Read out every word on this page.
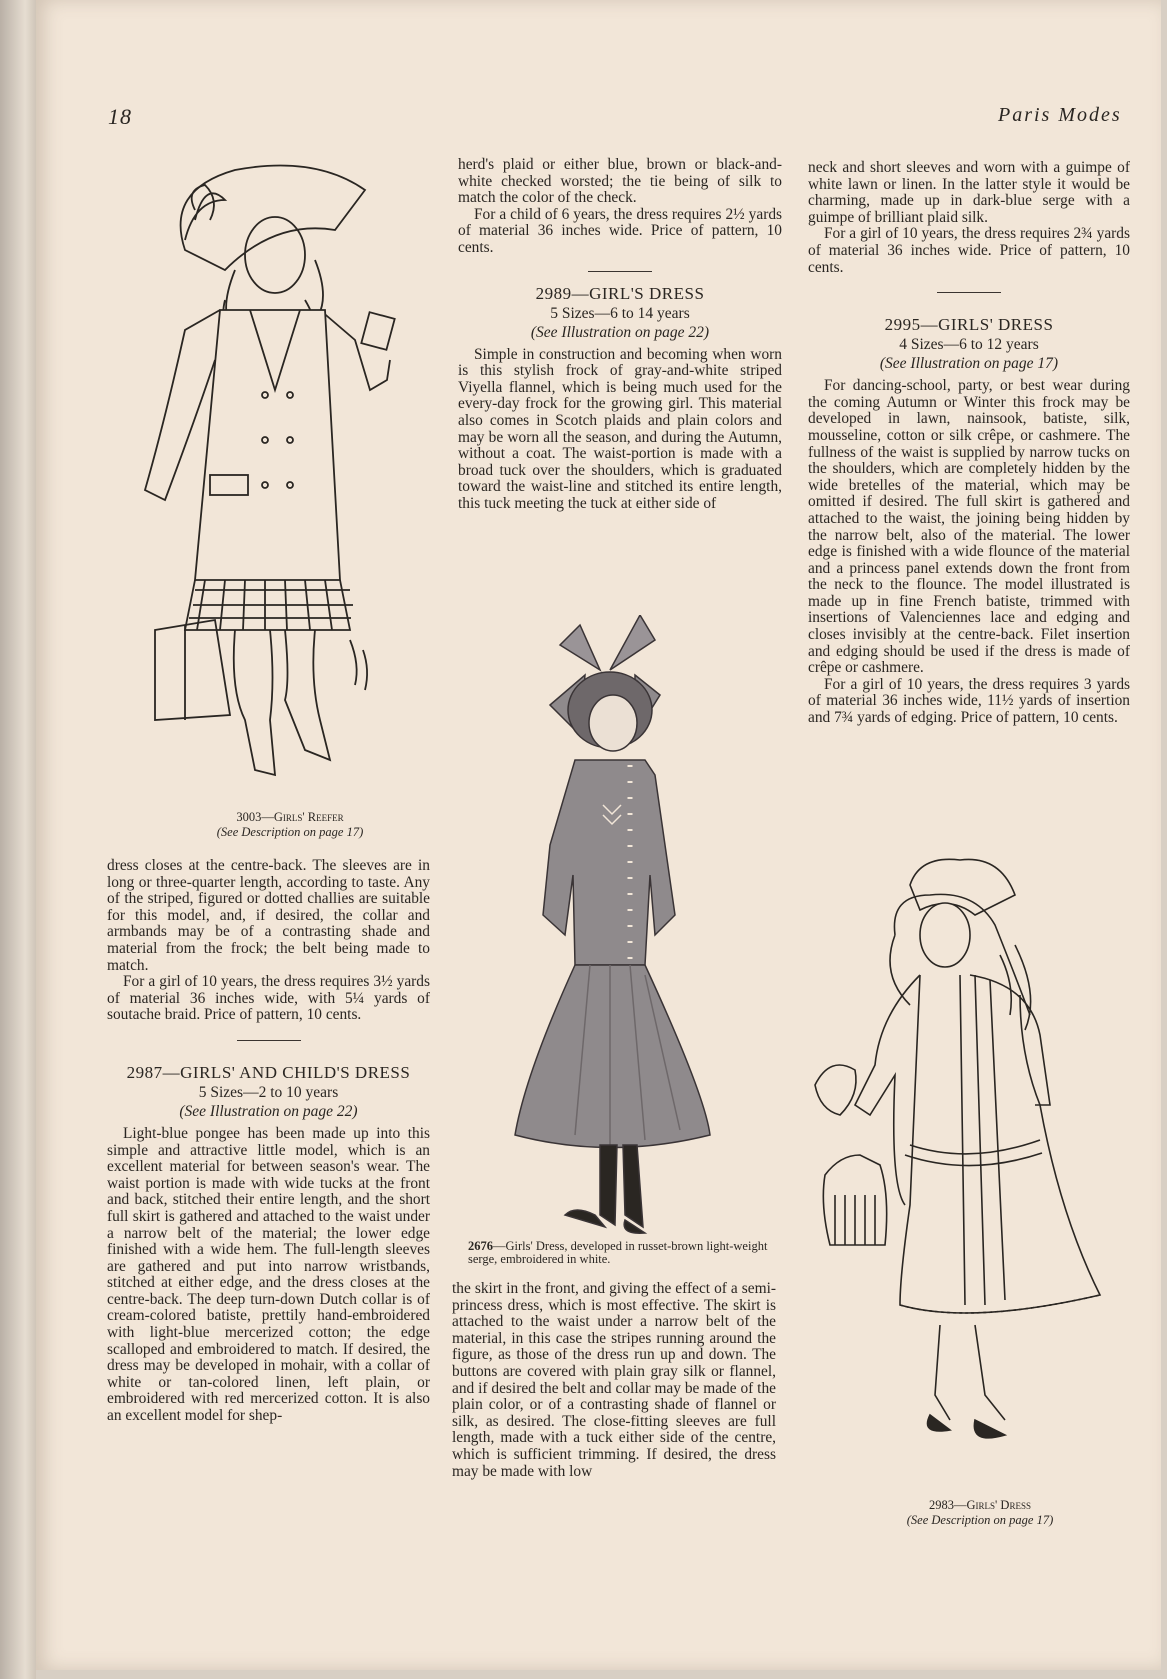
18	Paris Modes
3003—Girls' Reefer
(See Description on page 17)

dress closes at the centre-back. The sleeves are in long or three-quarter length, according to taste. Any of the striped, figured or dotted challies are suitable for this model, and, if desired, the collar and armbands may be of a contrasting shade and material from the frock; the belt being made to match.

For a girl of 10 years, the dress requires 3½ yards of material 36 inches wide, with 5¼ yards of soutache braid. Price of pattern, 10 cents.

2987—GIRLS' AND CHILD'S DRESS
5 Sizes—2 to 10 years
(See Illustration on page 22)

Light-blue pongee has been made up into this simple and attractive little model, which is an excellent material for between season's wear. The waist portion is made with wide tucks at the front and back, stitched their entire length, and the short full skirt is gathered and attached to the waist under a narrow belt of the material; the lower edge finished with a wide hem. The full-length sleeves are gathered and put into narrow wristbands, stitched at either edge, and the dress closes at the centre-back. The deep turn-down Dutch collar is of cream-colored batiste, prettily hand-embroidered with light-blue mercerized cotton; the edge scalloped and embroidered to match. If desired, the dress may be developed in mohair, with a collar of white or tan-colored linen, left plain, or embroidered with red mercerized cotton. It is also an excellent model for shep-

herd's plaid or either blue, brown or black-and-white checked worsted; the tie being of silk to match the color of the check.

For a child of 6 years, the dress requires 2½ yards of material 36 inches wide. Price of pattern, 10 cents.

2989—GIRL'S DRESS
5 Sizes—6 to 14 years
(See Illustration on page 22)

Simple in construction and becoming when worn is this stylish frock of gray-and-white striped Viyella flannel, which is being much used for the every-day frock for the growing girl. This material also comes in Scotch plaids and plain colors and may be worn all the season, and during the Autumn, without a coat. The waist-portion is made with a broad tuck over the shoulders, which is graduated toward the waist-line and stitched its entire length, this tuck meeting the tuck at either side of

2676—Girls' Dress, developed in russet-brown light-weight serge, embroidered in white.

the skirt in the front, and giving the effect of a semi-princess dress, which is most effective. The skirt is attached to the waist under a narrow belt of the material, in this case the stripes running around the figure, as those of the dress run up and down. The buttons are covered with plain gray silk or flannel, and if desired the belt and collar may be made of the plain color, or of a contrasting shade of flannel or silk, as desired. The close-fitting sleeves are full length, made with a tuck either side of the centre, which is sufficient trimming. If desired, the dress may be made with low

neck and short sleeves and worn with a guimpe of white lawn or linen. In the latter style it would be charming, made up in dark-blue serge with a guimpe of brilliant plaid silk.

For a girl of 10 years, the dress requires 2¾ yards of material 36 inches wide. Price of pattern, 10 cents.

2995—GIRLS' DRESS
4 Sizes—6 to 12 years
(See Illustration on page 17)

For dancing-school, party, or best wear during the coming Autumn or Winter this frock may be developed in lawn, nainsook, batiste, silk, mousseline, cotton or silk crêpe, or cashmere. The fullness of the waist is supplied by narrow tucks on the shoulders, which are completely hidden by the wide bretelles of the material, which may be omitted if desired. The full skirt is gathered and attached to the waist, the joining being hidden by the narrow belt, also of the material. The lower edge is finished with a wide flounce of the material and a princess panel extends down the front from the neck to the flounce. The model illustrated is made up in fine French batiste, trimmed with insertions of Valenciennes lace and edging and closes invisibly at the centre-back. Filet insertion and edging should be used if the dress is made of crêpe or cashmere.

For a girl of 10 years, the dress requires 3 yards of material 36 inches wide, 11½ yards of insertion and 7¾ yards of edging. Price of pattern, 10 cents.

2983—Girls' Dress
(See Description on page 17)
